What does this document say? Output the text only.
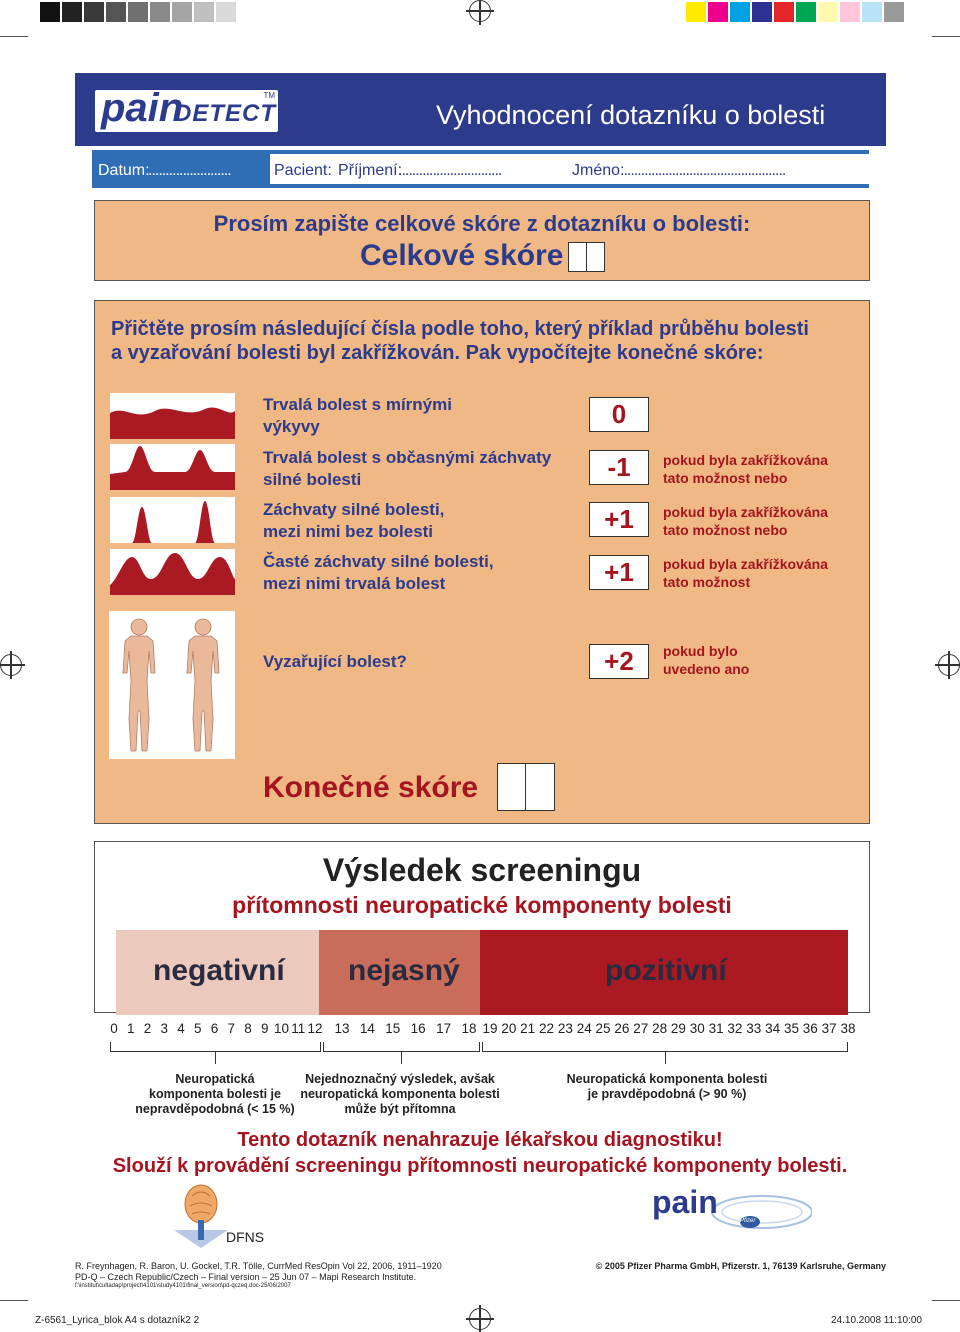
pain
DETECT
TM
Vyhodnocení dotazníku o bolesti
Datum:
........................	Pacient: Příjmení:
..............................	Jméno:
................................................
Prosím zapište celkové skóre z dotazníku o bolesti:
Celkové skóre
Přičtěte prosím následující čísla podle toho, který příklad průběhu bolesti
a vyzařování bolesti byl zakřížkován. Pak vypočítejte konečné skóre:
Trvalá bolest s mírnými
výkyvy	0
Trvalá bolest s občasnými záchvaty
silné bolesti	-1	pokud byla zakřížkována
tato možnost nebo
Záchvaty silné bolesti,
mezi nimi bez bolesti	+1	pokud byla zakřížkována
tato možnost nebo
Časté záchvaty silné bolesti,
mezi nimi trvalá bolest	+1	pokud byla zakřížkována
tato možnost
Vyzařující bolest?	+2	pokud bylo
uvedeno ano
Konečné skóre
Výsledek screeningu
přítomnosti neuropatické komponenty bolesti
negativní nejasný	pozitivní
0 1 2 3 4 5 6 7 8 9 10 11 12 13 14 15 16 17 18 19 20 21 22 23 24 25 26 27 28 29 30 31 32 33 34 35 36 37 38
Neuropatická
komponenta bolesti je
nepravděpodobná (< 15 %)
Nejednoznačný výsledek, avšak
neuropatická komponenta bolesti
může být přítomna
Neuropatická komponenta bolesti
je pravděpodobná (> 90 %)
Tento dotazník nenahrazuje lékařskou diagnostiku!
Slouží k provádění screeningu přítomnosti neuropatické komponenty bolesti.
DFNS
pain
Pfizer
R. Freynhagen, R. Baron, U. Gockel, T.R. Tölle, CurrMed ResOpin Vol 22, 2006, 1911–1920
PD-Q – Czech Republic/Czech – Final version – 25 Jun 07 – Mapi Research Institute.
f:\institut\cultadap\project\4101\study4101\final_version\pd-qczeq.doc-25/06/2007
© 2005 Pfizer Pharma GmbH, Pfizerstr. 1, 76139 Karlsruhe, Germany
Z-6561_Lyrica_blok A4 s dotazník2 2	24.10.2008 11:10:00
